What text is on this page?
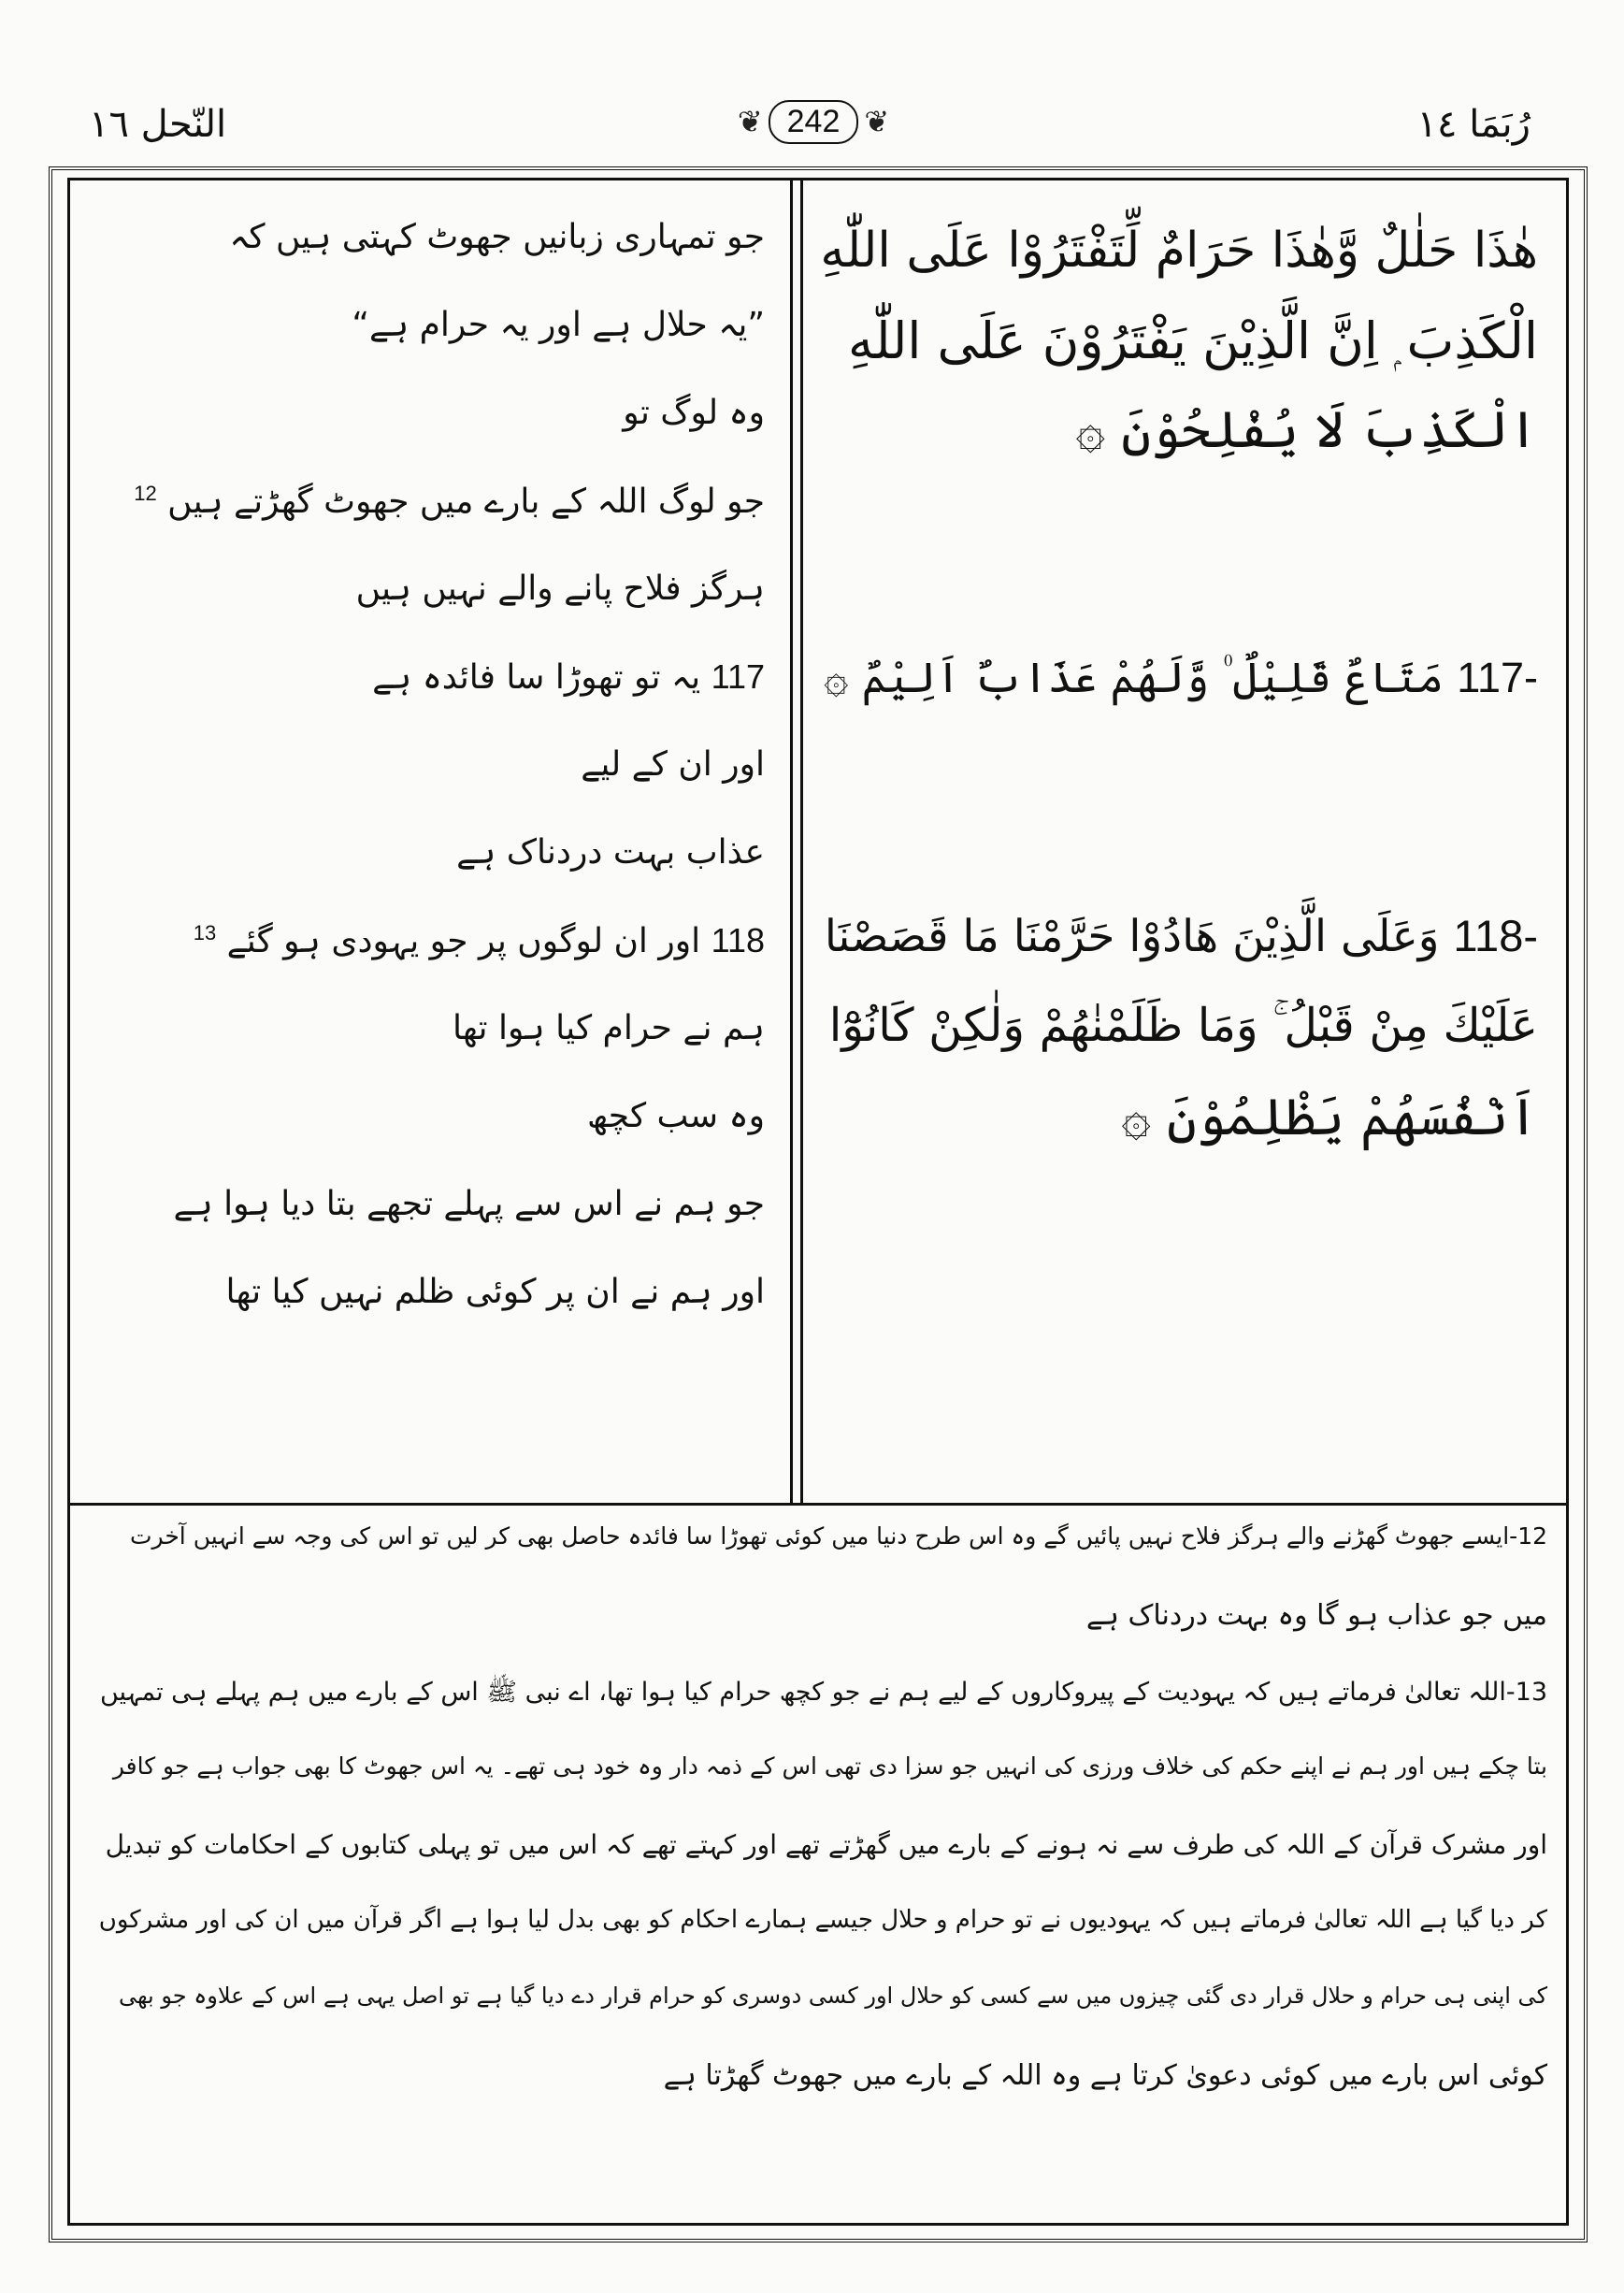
النّحل ١٦	❦ 242 ❦	رُبَمَا ١٤
جو تمہاری زبانیں جھوٹ کہتی ہیں کہ
”یہ حلال ہے اور یہ حرام ہے“
وہ لوگ تو
جو لوگ اللہ کے بارے میں جھوٹ گھڑتے ہیں $^{12}$
ہرگز فلاح پانے والے نہیں ہیں
117 یہ تو تھوڑا سا فائدہ ہے
اور ان کے لیے
عذاب بہت دردناک ہے
118 اور ان لوگوں پر جو یہودی ہو گئے $^{13}$
ہم نے حرام کیا ہوا تھا
وہ سب کچھ
جو ہم نے اس سے پہلے تجھے بتا دیا ہوا ہے
اور ہم نے ان پر کوئی ظلم نہیں کیا تھا
هٰذَا حَلٰلٌ وَّهٰذَا حَرَامٌ لِّتَفْتَرُوْا عَلَى اللّٰهِ
الْكَذِبَ ۭ اِنَّ الَّذِيْنَ يَفْتَرُوْنَ عَلَى اللّٰهِ
الْكَذِبَ لَا يُفْلِحُوْنَ ۞
117- مَتَاعٌ قَلِيْلٌ ۠ وَّلَهُمْ عَذَابٌ اَلِيْمٌ ۞
118- وَعَلَى الَّذِيْنَ هَادُوْا حَرَّمْنَا مَا قَصَصْنَا
عَلَيْكَ مِنْ قَبْلُ ۚ وَمَا ظَلَمْنٰهُمْ وَلٰكِنْ كَانُوْٓا
اَنْفُسَهُمْ يَظْلِمُوْنَ ۞
12-ایسے جھوٹ گھڑنے والے ہرگز فلاح نہیں پائیں گے وہ اس طرح دنیا میں کوئی تھوڑا سا فائدہ حاصل بھی کر لیں تو اس کی وجہ سے انہیں آخرت
میں جو عذاب ہو گا وہ بہت دردناک ہے
13-اللہ تعالیٰ فرماتے ہیں کہ یہودیت کے پیروکاروں کے لیے ہم نے جو کچھ حرام کیا ہوا تھا، اے نبی ﷺ اس کے بارے میں ہم پہلے ہی تمہیں
بتا چکے ہیں اور ہم نے اپنے حکم کی خلاف ورزی کی انہیں جو سزا دی تھی اس کے ذمہ دار وہ خود ہی تھے۔ یہ اس جھوٹ کا بھی جواب ہے جو کافر
اور مشرک قرآن کے اللہ کی طرف سے نہ ہونے کے بارے میں گھڑتے تھے اور کہتے تھے کہ اس میں تو پہلی کتابوں کے احکامات کو تبدیل
کر دیا گیا ہے اللہ تعالیٰ فرماتے ہیں کہ یہودیوں نے تو حرام و حلال جیسے ہمارے احکام کو بھی بدل لیا ہوا ہے اگر قرآن میں ان کی اور مشرکوں
کی اپنی ہی حرام و حلال قرار دی گئی چیزوں میں سے کسی کو حلال اور کسی دوسری کو حرام قرار دے دیا گیا ہے تو اصل یہی ہے اس کے علاوہ جو بھی
کوئی اس بارے میں کوئی دعویٰ کرتا ہے وہ اللہ کے بارے میں جھوٹ گھڑتا ہے
